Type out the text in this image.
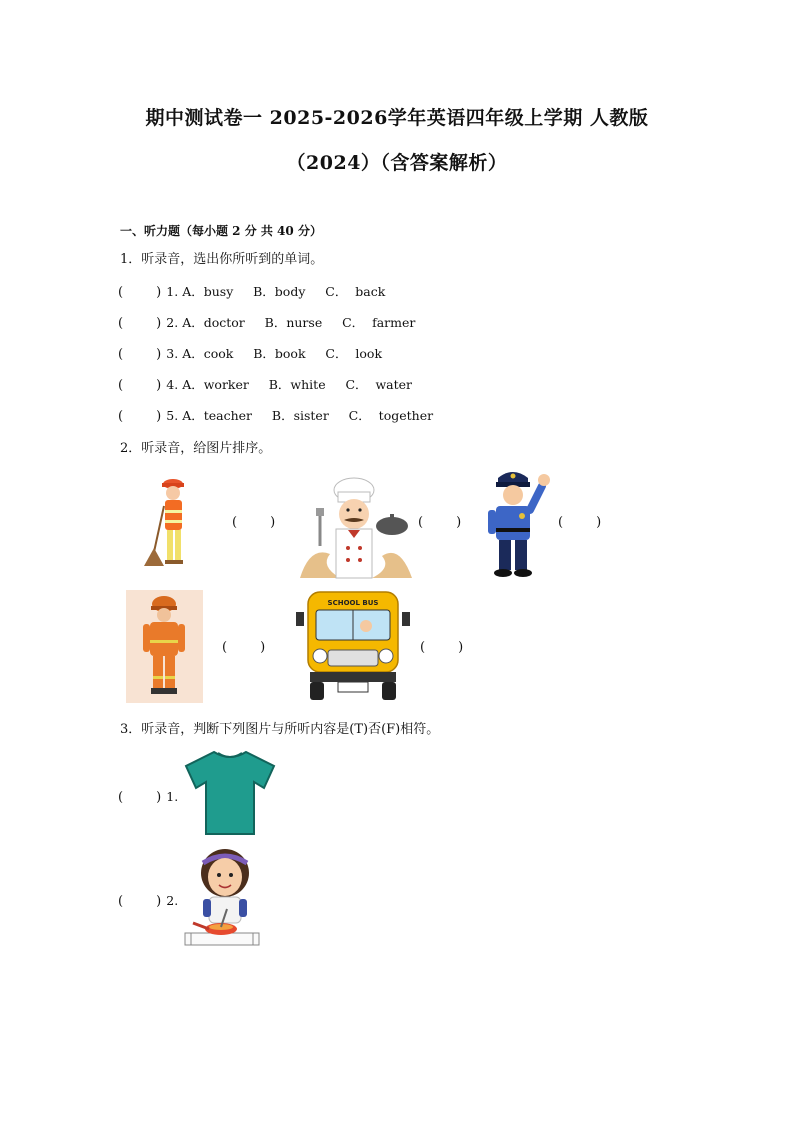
期中测试卷一 2025-2026学年英语四年级上学期 人教版
（2024）（含答案解析）
一、听力题（每小题 2 分 共 40 分）
1．听录音，选出你所听到的单词。
(        ) 1. A．busy     B．body     C．  back
(        ) 2. A．doctor     B．nurse     C．  farmer
(        ) 3. A．cook     B．book     C．  look
(        ) 4. A．worker     B．white     C．  water
(        ) 5. A．teacher     B．sister     C．  together
2．听录音，给图片排序。
(        )	(        )	(        )
(        )
SCHOOL BUS
(        )
3．听录音，判断下列图片与所听内容是(T)否(F)相符。
(        ) 1.
(        ) 2.
